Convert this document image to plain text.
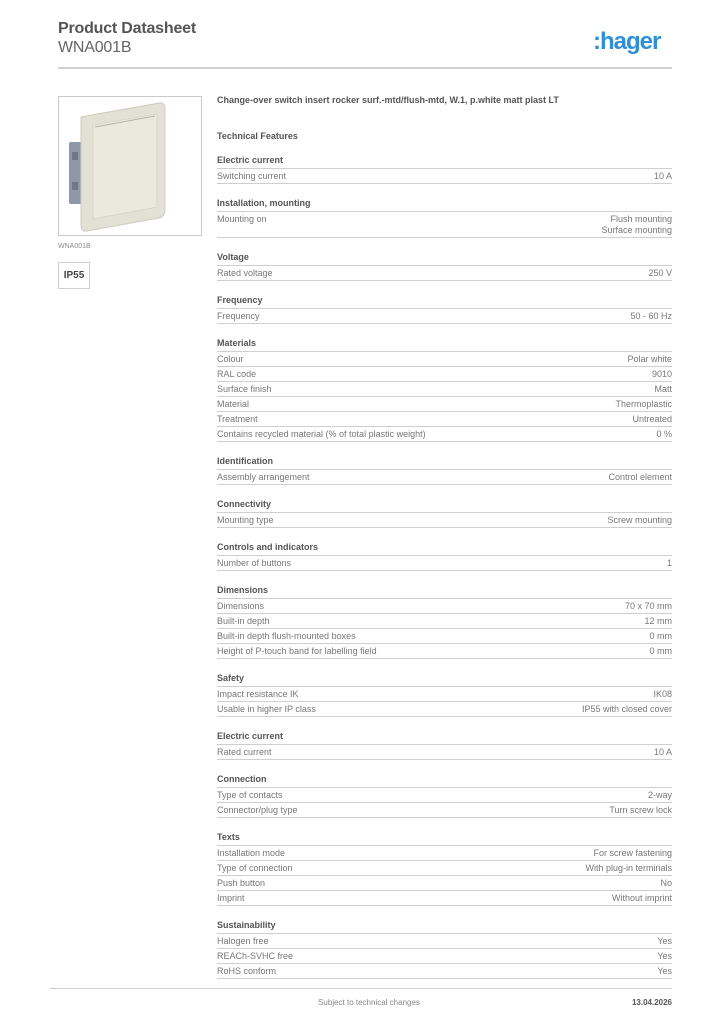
Product Datasheet
WNA001B	:hager
WNA001B
IP55
Change-over switch insert rocker surf.-mtd/flush-mtd, W.1, p.white matt plast LT
Technical Features
Electric current
Switching current	10 A
Installation, mounting
Mounting on	Flush mounting
Surface mounting
Voltage
Rated voltage	250 V
Frequency
Frequency	50 - 60 Hz
Materials
Colour	Polar white
RAL code	9010
Surface finish	Matt
Material	Thermoplastic
Treatment	Untreated
Contains recycled material (% of total plastic weight)	0 %
Identification
Assembly arrangement	Control element
Connectivity
Mounting type	Screw mounting
Controls and indicators
Number of buttons	1
Dimensions
Dimensions	70 x 70 mm
Built-in depth	12 mm
Built-in depth flush-mounted boxes	0 mm
Height of P-touch band for labelling field	0 mm
Safety
Impact resistance IK	IK08
Usable in higher IP class	IP55 with closed cover
Electric current
Rated current	10 A
Connection
Type of contacts	2-way
Connector/plug type	Turn screw lock
Texts
Installation mode	For screw fastening
Type of connection	With plug-in terminals
Push button	No
Imprint	Without imprint
Sustainability
Halogen free	Yes
REACh-SVHC free	Yes
RoHS conform	Yes
Subject to technical changes	13.04.2026
